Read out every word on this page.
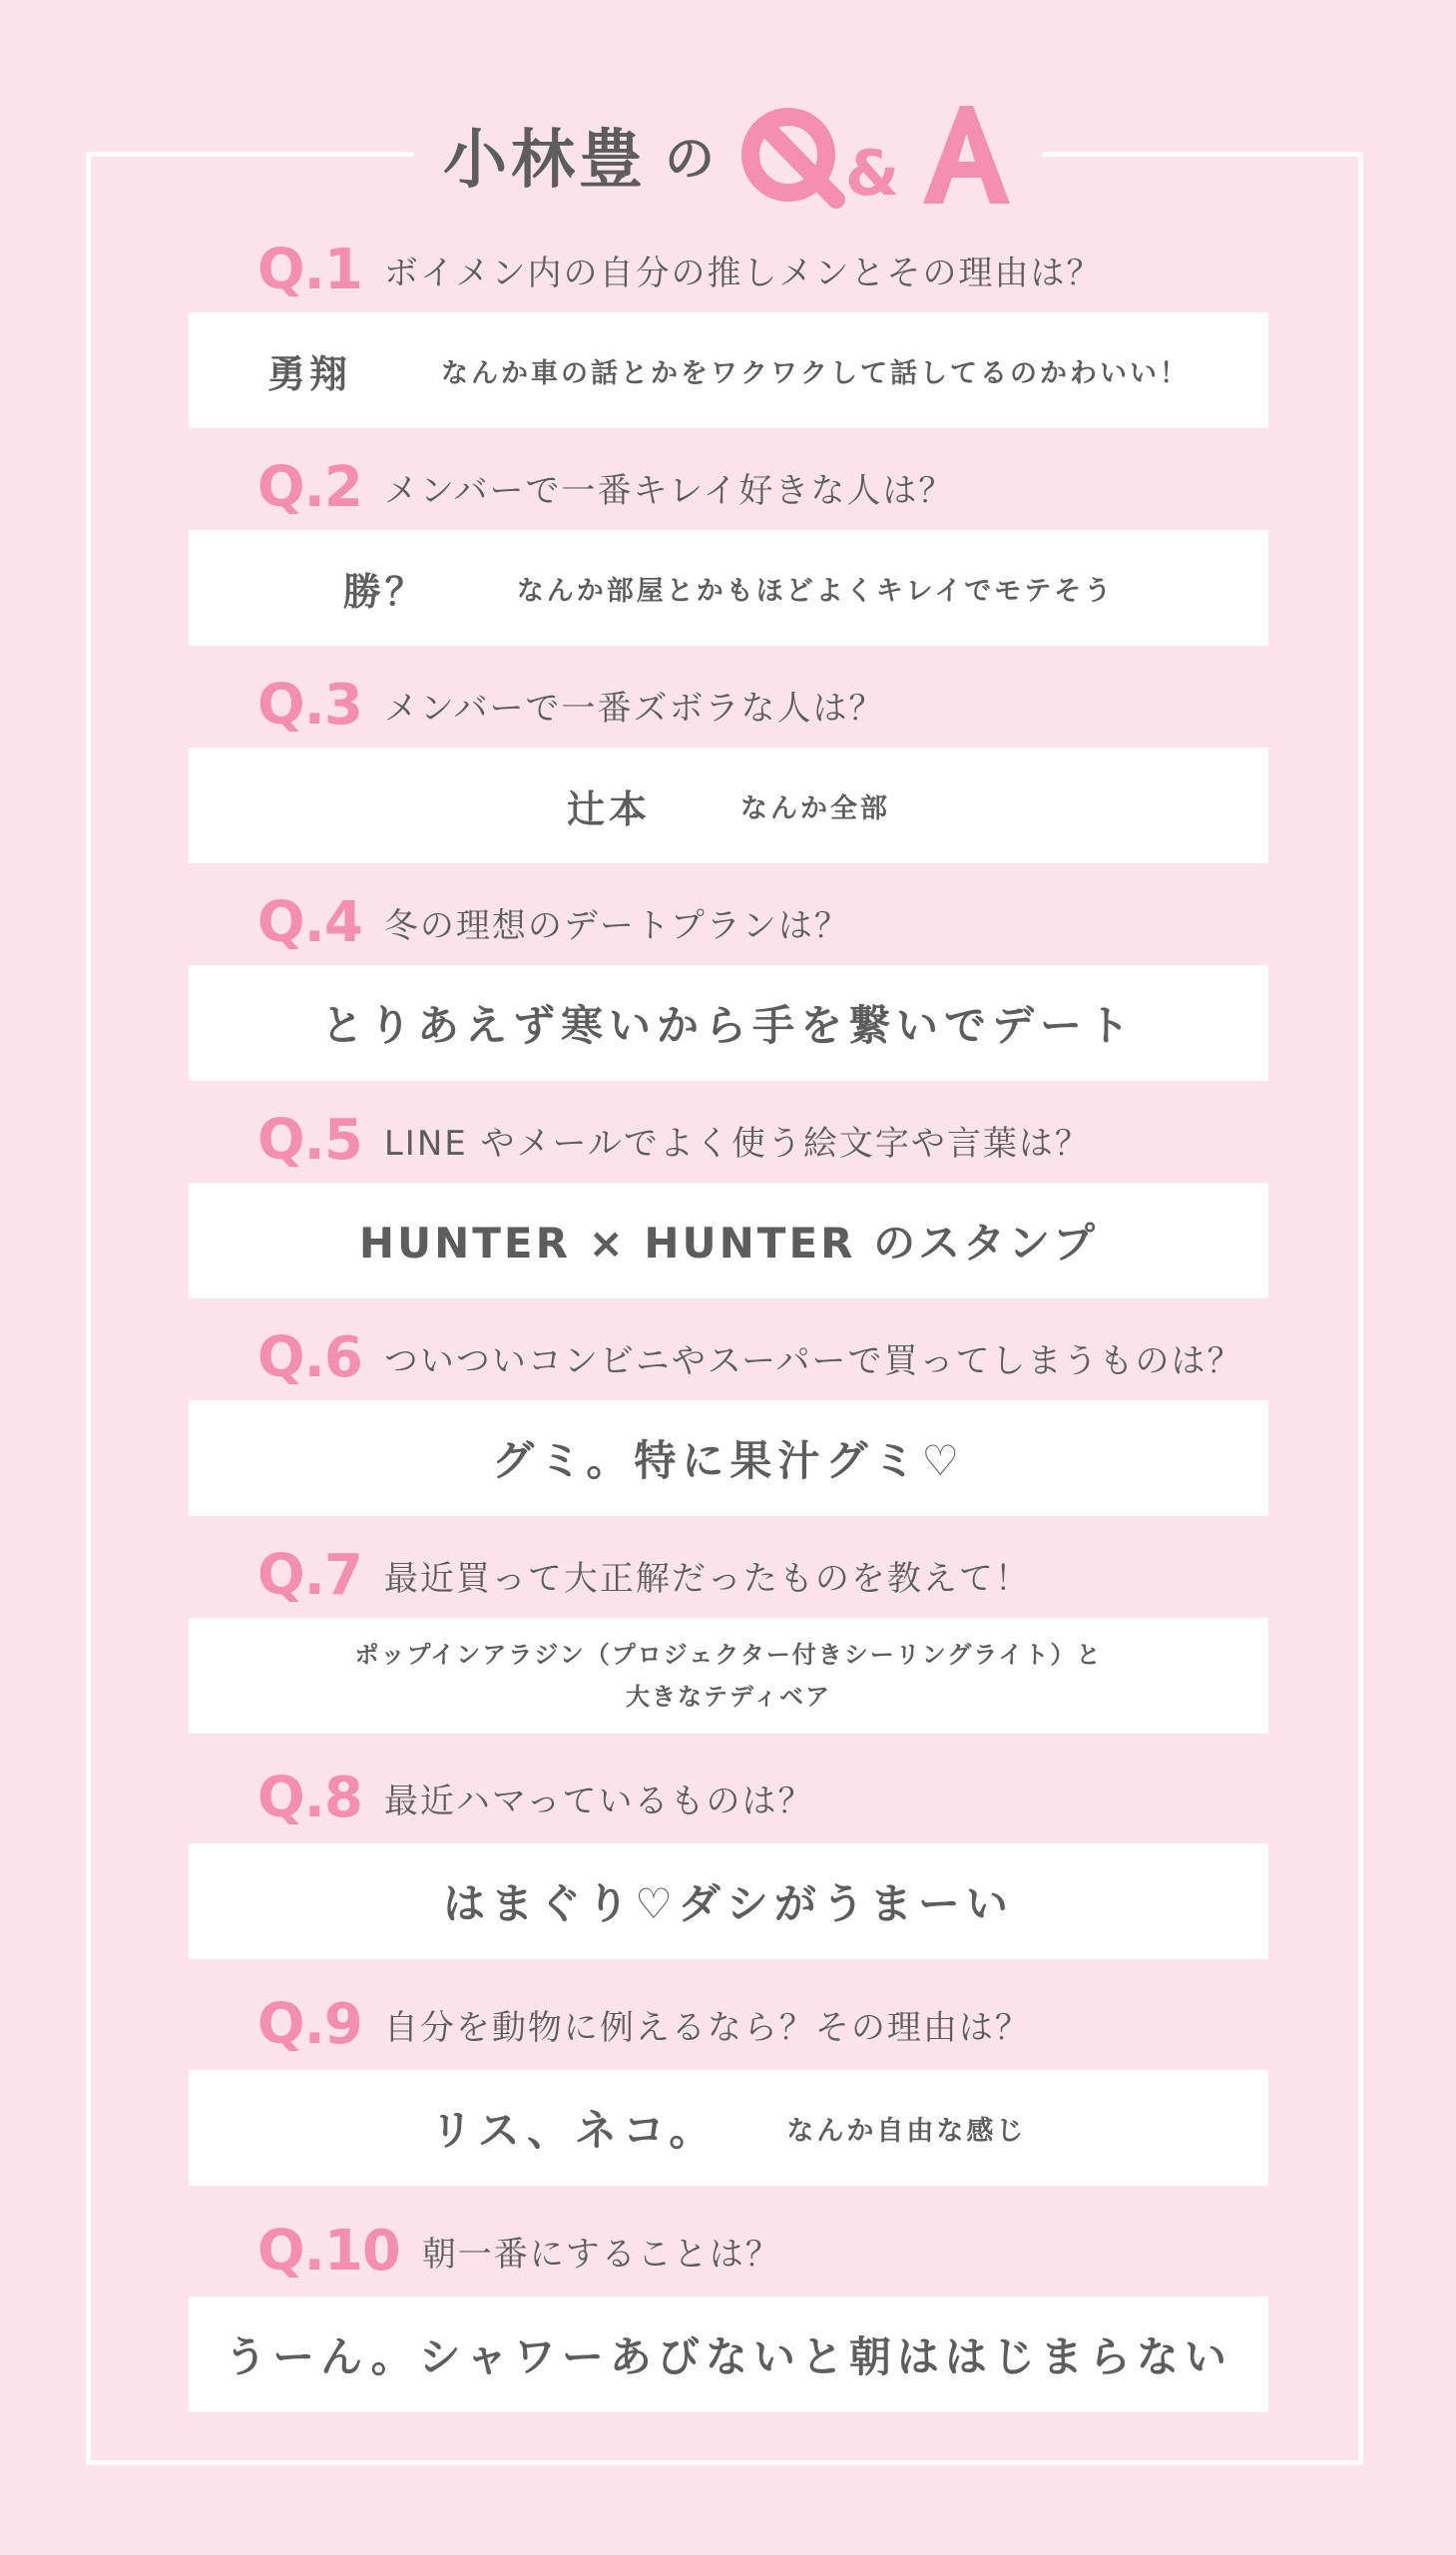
小林豊 の &
Q.1 ボイメン内の自分の推しメンとその理由は？
勇翔	なんか車の話とかをワクワクして話してるのかわいい！
Q.2 メンバーで一番キレイ好きな人は？
勝？	なんか部屋とかもほどよくキレイでモテそう
Q.3 メンバーで一番ズボラな人は？
辻本	なんか全部
Q.4 冬の理想のデートプランは？
とりあえず寒いから手を繋いでデート
Q.5 LINE やメールでよく使う絵文字や言葉は？
HUNTER × HUNTER のスタンプ
Q.6 ついついコンビニやスーパーで買ってしまうものは？
グミ。特に果汁グミ♡
Q.7 最近買って大正解だったものを教えて！
ポップインアラジン（プロジェクター付きシーリングライト）と
大きなテディベア
Q.8 最近ハマっているものは？
はまぐり♡ダシがうまーい
Q.9 自分を動物に例えるなら？その理由は？
リス、ネコ。	なんか自由な感じ
Q.10 朝一番にすることは？
うーん。シャワーあびないと朝ははじまらない
